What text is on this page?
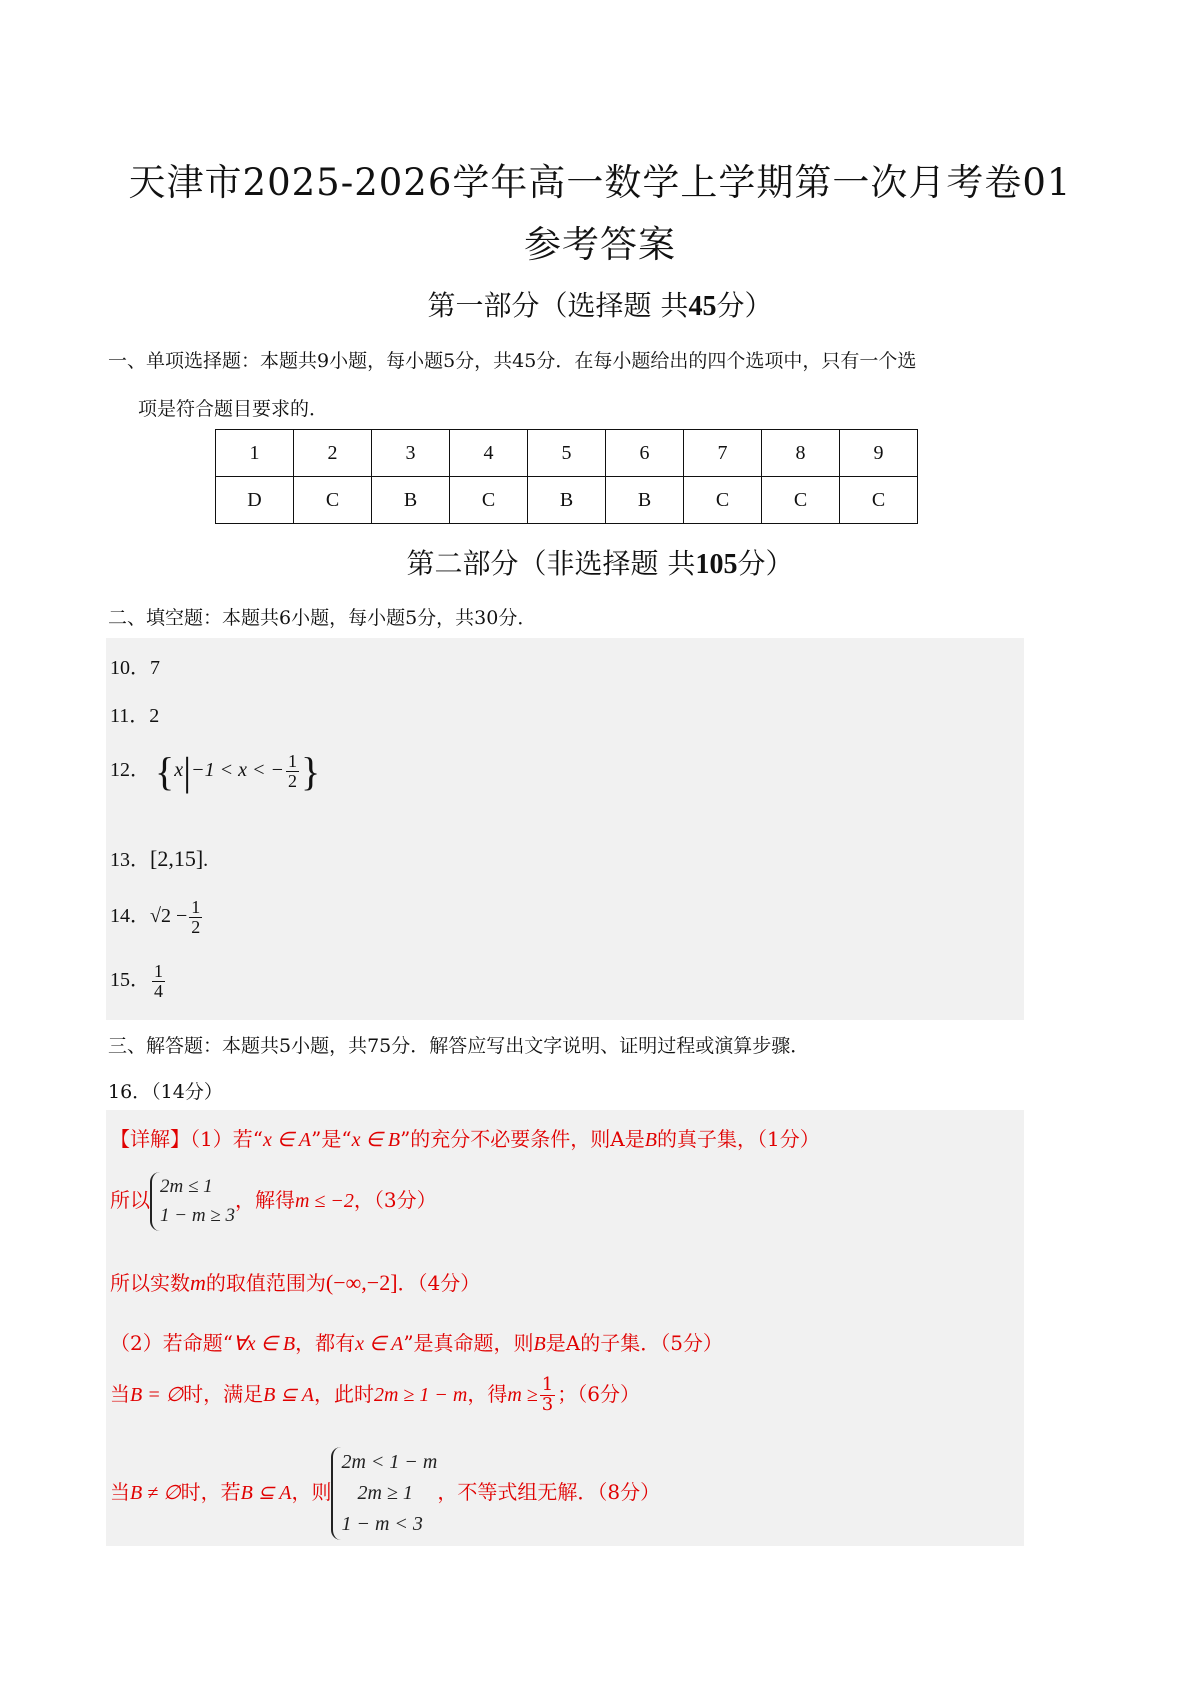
天津市2025-2026学年高一数学上学期第一次月考卷01
参考答案
第一部分（选择题 共45分）
一、单项选择题：本题共9小题，每小题5分，共45分．在每小题给出的四个选项中，只有一个选
项是符合题目要求的．
1	2	3	4	5	6	7	8	9
D	C	B	C	B	B	C	C	C
第二部分（非选择题 共105分）
二、填空题：本题共6小题，每小题5分，共30分．
10．7
11．2
12． {x|−1 < x < − $\frac{1}{2}$ }
13．[2,15].
14．$√2 - \frac{1}{2}$
15． $\frac{1}{4}$
三、解答题：本题共5小题，共75分．解答应写出文字说明、证明过程或演算步骤．
16．（14分）
【详解】（1）若“x ∈ A”是“x ∈ B”的充分不必要条件，则A是B的真子集，（1分）
所以
2m ≤ 1
1 − m ≥ 3
，解得m ≤ −2，（3分）
所以实数m的取值范围为(−∞,−2]．（4分）
（2）若命题“∀x ∈ B，都有x ∈ A”是真命题，则B是A的子集．（5分）
当B = ∅时，满足B ⊆ A，此时2m ≥ 1 − m，得$m \ge \frac{1}{3}$ ；（6分）
当B ≠ ∅时，若B ⊆ A，则
2m < 1 − m
2m ≥ 1
1 − m < 3
，不等式组无解．（8分）
